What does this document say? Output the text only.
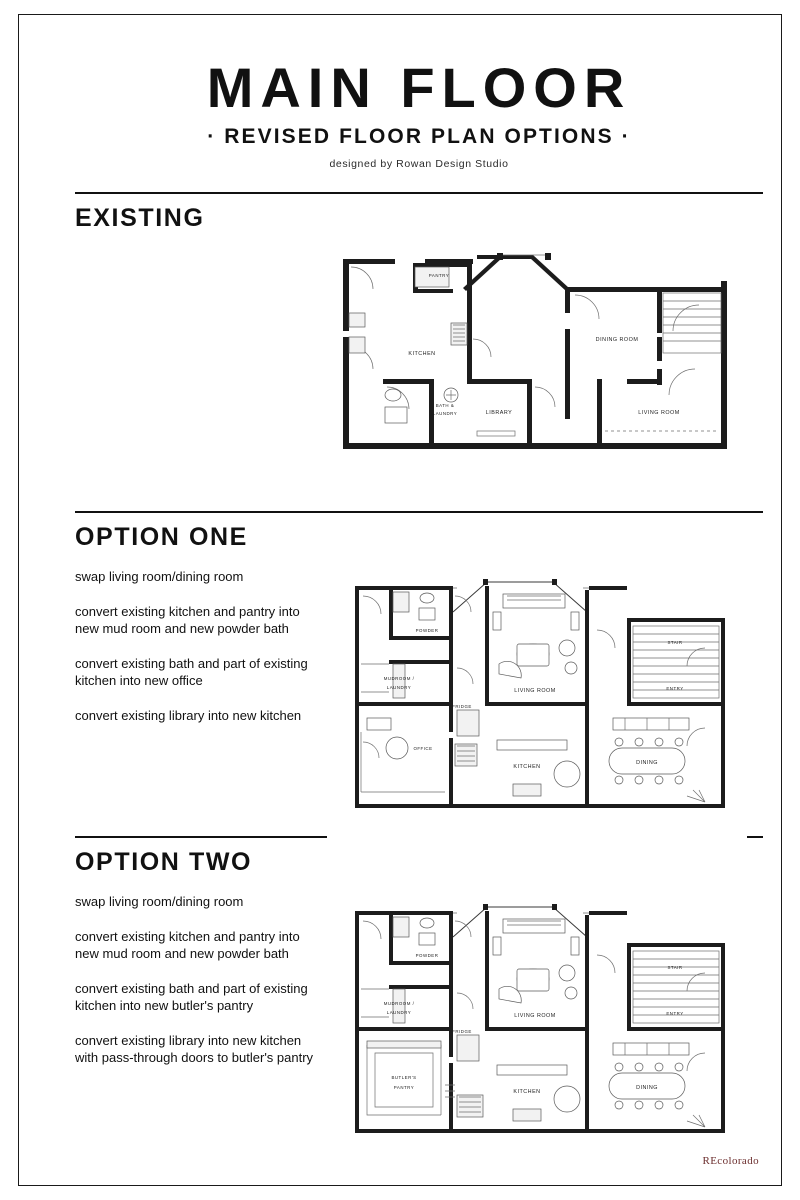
MAIN FLOOR
· REVISED FLOOR PLAN OPTIONS ·
designed by Rowan Design Studio
EXISTING
PANTRY
DINING ROOM
KITCHEN
BATH &
LAUNDRY	LIBRARY	LIVING ROOM
OPTION ONE

swap living room/dining room

convert existing kitchen and pantry into new mud room and new powder bath

convert existing bath and part of existing kitchen into new office

convert existing library into new kitchen

POWDER
BATH
MUDROOM /
LAUNDRY
LIVING ROOM
STAIR
ENTRY
OFFICE
FRIDGE
KITCHEN
DINING
OPTION TWO

swap living room/dining room

convert existing kitchen and pantry into new mud room and new powder bath

convert existing bath and part of existing kitchen into new butler's pantry

convert existing library into new kitchen with pass-through doors to butler's pantry

POWDER
BATH
MUDROOM /
LAUNDRY
LIVING ROOM
STAIR
ENTRY
BUTLER'S
PANTRY
FRIDGE
KITCHEN
DINING
REcolorado
